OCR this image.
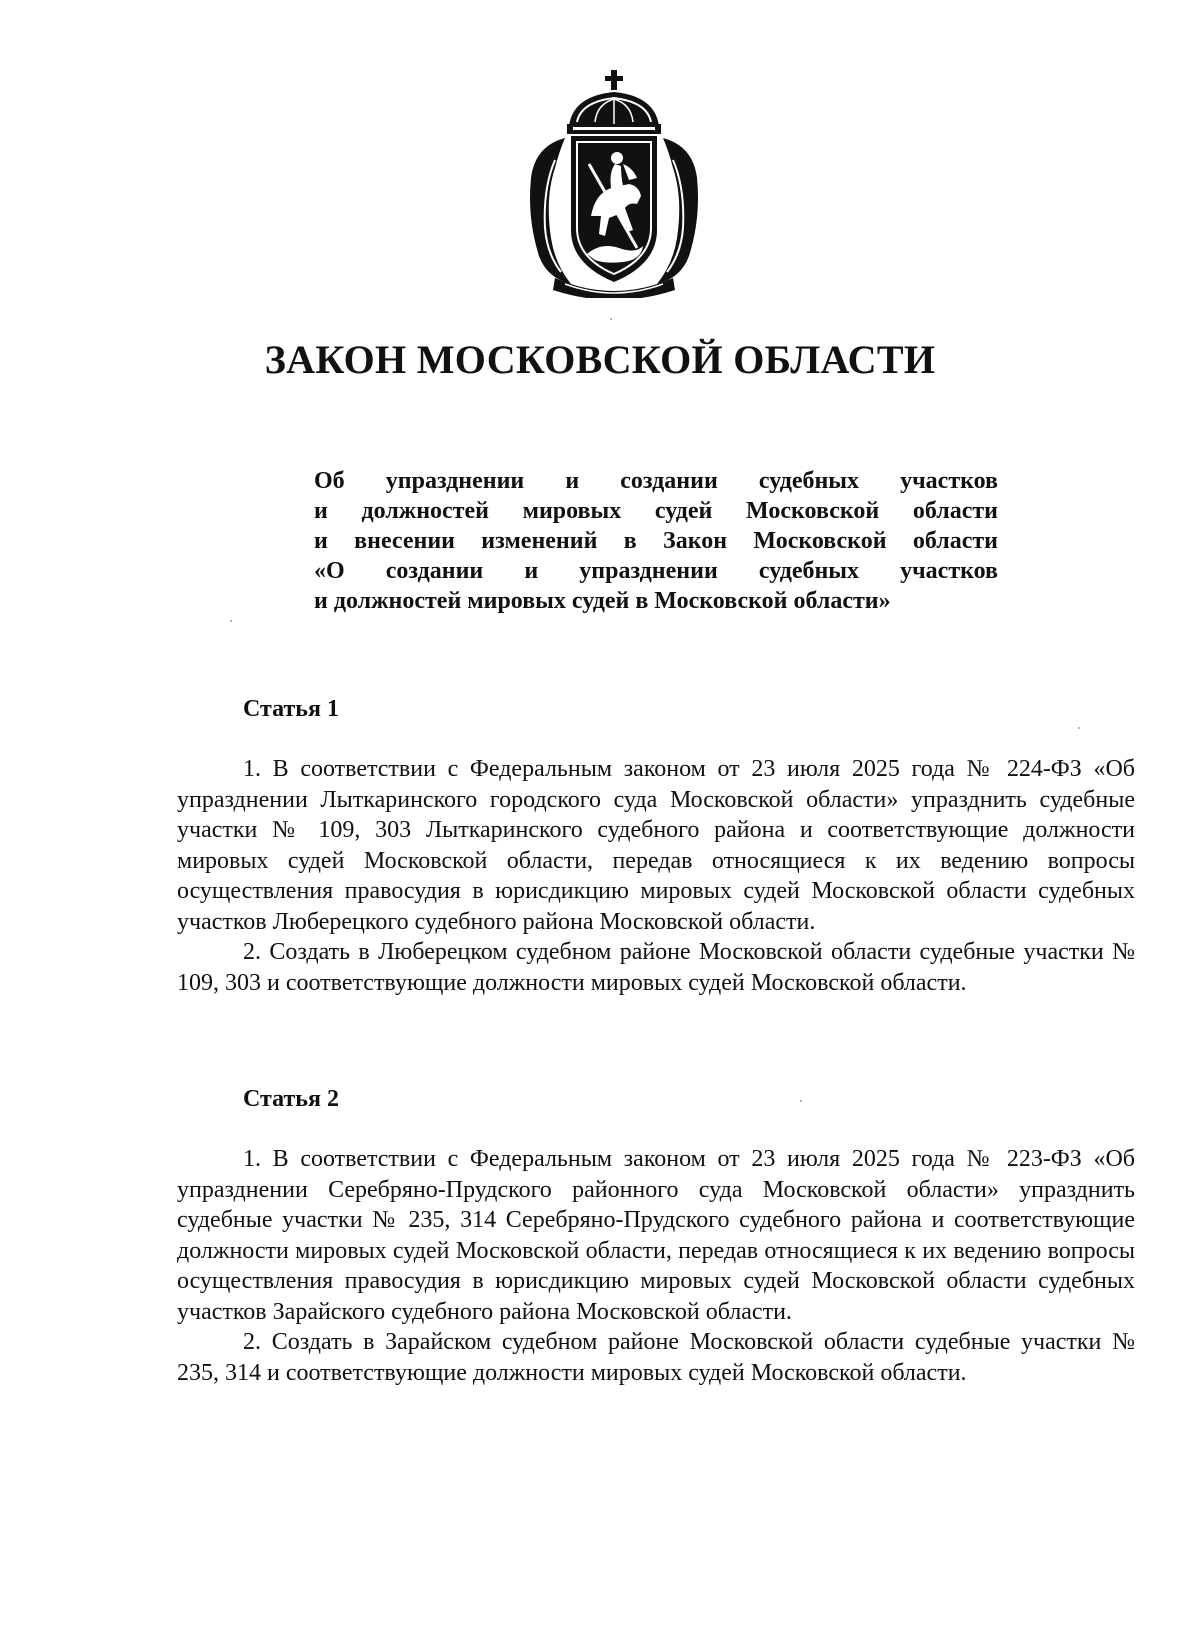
ЗАКОН МОСКОВСКОЙ ОБЛАСТИ
Об упразднении и создании судебных участков
и должностей мировых судей Московской области
и внесении изменений в Закон Московской области
«О создании и упразднении судебных участков
и должностей мировых судей в Московской области»
Статья 1

1. В соответствии с Федеральным законом от 23 июля 2025 года № 224-ФЗ «Об упразднении Лыткаринского городского суда Московской области» упразднить судебные участки № 109, 303 Лыткаринского судебного района и соответствующие должности мировых судей Московской области, передав относящиеся к их ведению вопросы осуществления правосудия в юрисдикцию мировых судей Московской области судебных участков Люберецкого судебного района Московской области.

2. Создать в Люберецком судебном районе Московской области судебные участки № 109, 303 и соответствующие должности мировых судей Московской области.

Статья 2

1. В соответствии с Федеральным законом от 23 июля 2025 года № 223-ФЗ «Об упразднении Серебряно-Прудского районного суда Московской области» упразднить судебные участки № 235, 314 Серебряно-Прудского судебного района и соответствующие должности мировых судей Московской области, передав относящиеся к их ведению вопросы осуществления правосудия в юрисдикцию мировых судей Московской области судебных участков Зарайского судебного района Московской области.

2. Создать в Зарайском судебном районе Московской области судебные участки № 235, 314 и соответствующие должности мировых судей Московской области.
